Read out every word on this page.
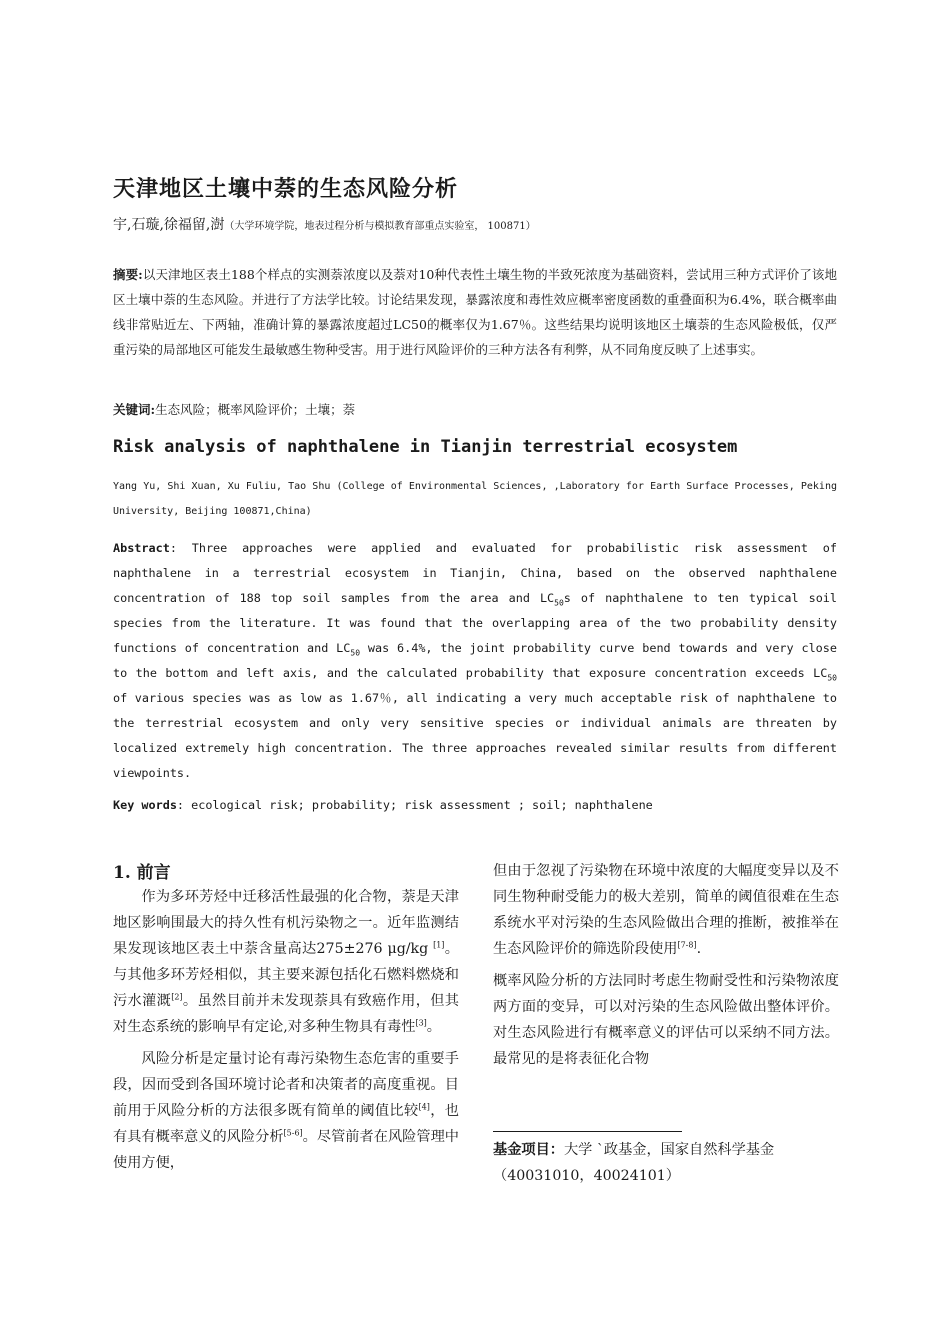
天津地区土壤中萘的生态风险分析
宇,石璇,徐福留,澍（大学环境学院，地表过程分析与模拟教育部重点实验室， 100871）
摘要:以天津地区表土188个样点的实测萘浓度以及萘对10种代表性土壤生物的半致死浓度为基础资料，尝试用三种方式评价了该地区土壤中萘的生态风险。并进行了方法学比较。讨论结果发现，暴露浓度和毒性效应概率密度函数的重叠面积为6.4%，联合概率曲线非常贴近左、下两轴，准确计算的暴露浓度超过LC50的概率仅为1.67％。这些结果均说明该地区土壤萘的生态风险极低，仅严重污染的局部地区可能发生最敏感生物种受害。用于进行风险评价的三种方法各有利弊，从不同角度反映了上述事实。
关键词:生态风险；概率风险评价；土壤；萘
Risk analysis of naphthalene in Tianjin terrestrial ecosystem
Yang Yu, Shi Xuan, Xu Fuliu, Tao Shu (College of Environmental Sciences, ,Laboratory for Earth Surface Processes, Peking University, Beijing 100871,China)
Abstract: Three approaches were applied and evaluated for probabilistic risk assessment of naphthalene in a terrestrial ecosystem in Tianjin, China, based on the observed naphthalene concentration of 188 top soil samples from the area and $LC_{50}s$ of naphthalene to ten typical soil species from the literature. It was found that the overlapping area of the two probability density functions of concentration and $LC_{50}$ was 6.4%, the joint probability curve bend towards and very close to the bottom and left axis, and the calculated probability that exposure concentration exceeds $LC_{50}$ of various species was as low as 1.67％, all indicating a very much acceptable risk of naphthalene to the terrestrial ecosystem and only very sensitive species or individual animals are threaten by localized extremely high concentration. The three approaches revealed similar results from different viewpoints.
Key words: ecological risk; probability; risk assessment ; soil; naphthalene
1. 前言

作为多环芳烃中迁移活性最强的化合物，萘是天津地区影响围最大的持久性有机污染物之一。近年监测结果发现该地区表土中萘含量高达275±276 μg/kg [1]。与其他多环芳烃相似，其主要来源包括化石燃料燃烧和污水灌溉[2]。虽然目前并未发现萘具有致癌作用，但其对生态系统的影响早有定论,对多种生物具有毒性[3]。

风险分析是定量讨论有毒污染物生态危害的重要手段，因而受到各国环境讨论者和决策者的高度重视。目前用于风险分析的方法很多既有简单的阈值比较[4]，也有具有概率意义的风险分析[5-6]。尽管前者在风险管理中使用方便，

但由于忽视了污染物在环境中浓度的大幅度变异以及不同生物种耐受能力的极大差别，简单的阈值很难在生态系统水平对污染的生态风险做出合理的推断，被推举在生态风险评价的筛选阶段使用[7-8].

概率风险分析的方法同时考虑生物耐受性和污染物浓度两方面的变异，可以对污染的生态风险做出整体评价。对生态风险进行有概率意义的评估可以采纳不同方法。最常见的是将表征化合物

基金项目：大学 `政基金，国家自然科学基金（40031010，40024101）
